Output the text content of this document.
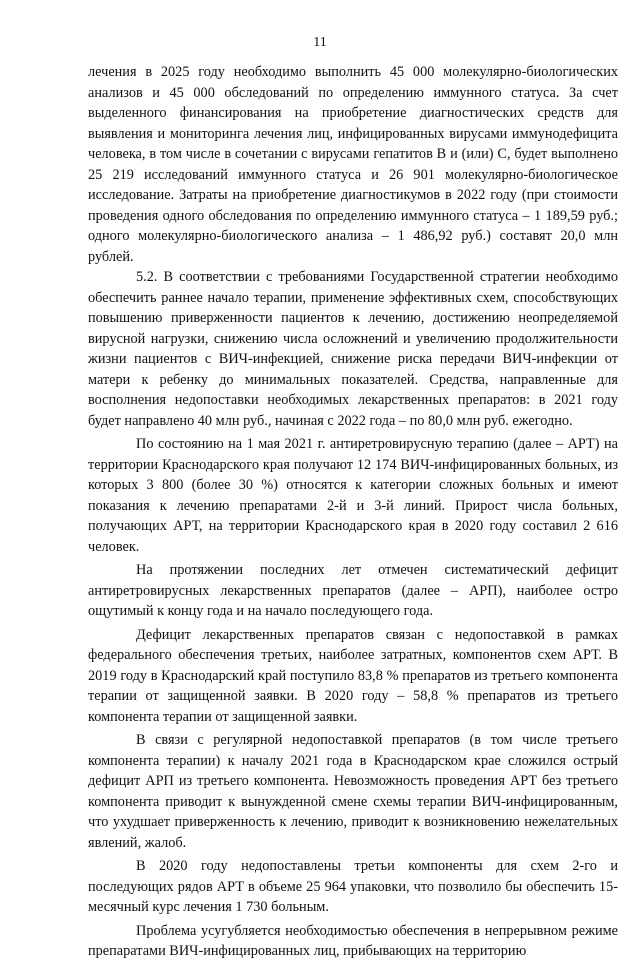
11

лечения в 2025 году необходимо выполнить 45 000 молекулярно-биологических анализов и 45 000 обследований по определению иммунного статуса. За счет выделенного финансирования на приобретение диагностических средств для выявления и мониторинга лечения лиц, инфицированных вирусами иммунодефицита человека, в том числе в сочетании с вирусами гепатитов В и (или) С, будет выполнено 25 219 исследований иммунного статуса и 26 901 молекулярно-биологическое исследование. Затраты на приобретение диагностикумов в 2022 году (при стоимости проведения одного обследования по определению иммунного статуса – 1 189,59 руб.; одного молекулярно-биологического анализа – 1 486,92 руб.) составят 20,0 млн рублей.

5.2. В соответствии с требованиями Государственной стратегии необходимо обеспечить раннее начало терапии, применение эффективных схем, способствующих повышению приверженности пациентов к лечению, достижению неопределяемой вирусной нагрузки, снижению числа осложнений и увеличению продолжительности жизни пациентов с ВИЧ-инфекцией, снижение риска передачи ВИЧ-инфекции от матери к ребенку до минимальных показателей. Средства, направленные для восполнения недопоставки необходимых лекарственных препаратов: в 2021 году будет направлено 40 млн руб., начиная с 2022 года – по 80,0 млн руб. ежегодно.

По состоянию на 1 мая 2021 г. антиретровирусную терапию (далее – АРТ) на территории Краснодарского края получают 12 174 ВИЧ-инфицированных больных, из которых 3 800 (более 30 %) относятся к категории сложных больных и имеют показания к лечению препаратами 2-й и 3-й линий. Прирост числа больных, получающих АРТ, на территории Краснодарского края в 2020 году составил 2 616 человек.

На протяжении последних лет отмечен систематический дефицит антиретровирусных лекарственных препаратов (далее – АРП), наиболее остро ощутимый к концу года и на начало последующего года.

Дефицит лекарственных препаратов связан с недопоставкой в рамках федерального обеспечения третьих, наиболее затратных, компонентов схем АРТ. В 2019 году в Краснодарский край поступило 83,8 % препаратов из третьего компонента терапии от защищенной заявки. В 2020 году – 58,8 % препаратов из третьего компонента терапии от защищенной заявки.

В связи с регулярной недопоставкой препаратов (в том числе третьего компонента терапии) к началу 2021 года в Краснодарском крае сложился острый дефицит АРП из третьего компонента. Невозможность проведения АРТ без третьего компонента приводит к вынужденной смене схемы терапии ВИЧ-инфицированным, что ухудшает приверженность к лечению, приводит к возникновению нежелательных явлений, жалоб.

В 2020 году недопоставлены третьи компоненты для схем 2-го и последующих рядов АРТ в объеме 25 964 упаковки, что позволило бы обеспечить 15-месячный курс лечения 1 730 больным.

Проблема усугубляется необходимостью обеспечения в непрерывном режиме препаратами ВИЧ-инфицированных лиц, прибывающих на территорию
